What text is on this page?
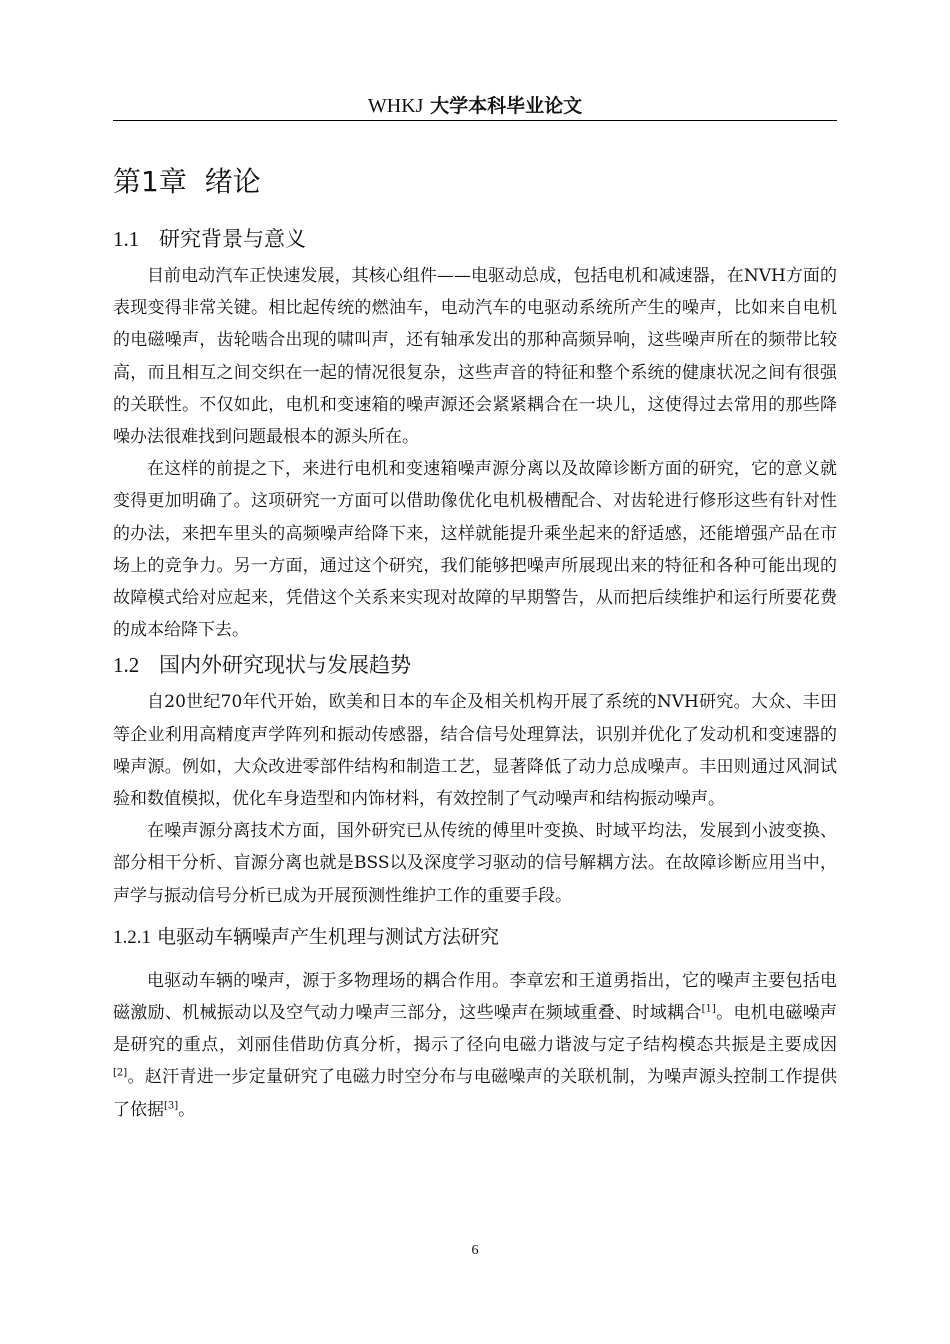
WHKJ 大学本科毕业论文
第1章 绪论
1.1 研究背景与意义

目前电动汽车正快速发展，其核心组件——电驱动总成，包括电机和减速器，在NVH方面的表现变得非常关键。相比起传统的燃油车，电动汽车的电驱动系统所产生的噪声，比如来自电机的电磁噪声，齿轮啮合出现的啸叫声，还有轴承发出的那种高频异响，这些噪声所在的频带比较高，而且相互之间交织在一起的情况很复杂，这些声音的特征和整个系统的健康状况之间有很强的关联性。不仅如此，电机和变速箱的噪声源还会紧紧耦合在一块儿，这使得过去常用的那些降噪办法很难找到问题最根本的源头所在。

在这样的前提之下，来进行电机和变速箱噪声源分离以及故障诊断方面的研究，它的意义就变得更加明确了。这项研究一方面可以借助像优化电机极槽配合、对齿轮进行修形这些有针对性的办法，来把车里头的高频噪声给降下来，这样就能提升乘坐起来的舒适感，还能增强产品在市场上的竞争力。另一方面，通过这个研究，我们能够把噪声所展现出来的特征和各种可能出现的故障模式给对应起来，凭借这个关系来实现对故障的早期警告，从而把后续维护和运行所要花费的成本给降下去。

1.2 国内外研究现状与发展趋势

自20世纪70年代开始，欧美和日本的车企及相关机构开展了系统的NVH研究。大众、丰田等企业利用高精度声学阵列和振动传感器，结合信号处理算法，识别并优化了发动机和变速器的噪声源。例如，大众改进零部件结构和制造工艺，显著降低了动力总成噪声。丰田则通过风洞试验和数值模拟，优化车身造型和内饰材料，有效控制了气动噪声和结构振动噪声。

在噪声源分离技术方面，国外研究已从传统的傅里叶变换、时域平均法，发展到小波变换、部分相干分析、盲源分离也就是BSS以及深度学习驱动的信号解耦方法。在故障诊断应用当中，声学与振动信号分析已成为开展预测性维护工作的重要手段。

1.2.1 电驱动车辆噪声产生机理与测试方法研究

电驱动车辆的噪声，源于多物理场的耦合作用。李章宏和王道勇指出，它的噪声主要包括电磁激励、机械振动以及空气动力噪声三部分，这些噪声在频域重叠、时域耦合[1]。电机电磁噪声是研究的重点，刘丽佳借助仿真分析，揭示了径向电磁力谐波与定子结构模态共振是主要成因[2]。赵汗青进一步定量研究了电磁力时空分布与电磁噪声的关联机制，为噪声源头控制工作提供了依据[3]。

6
